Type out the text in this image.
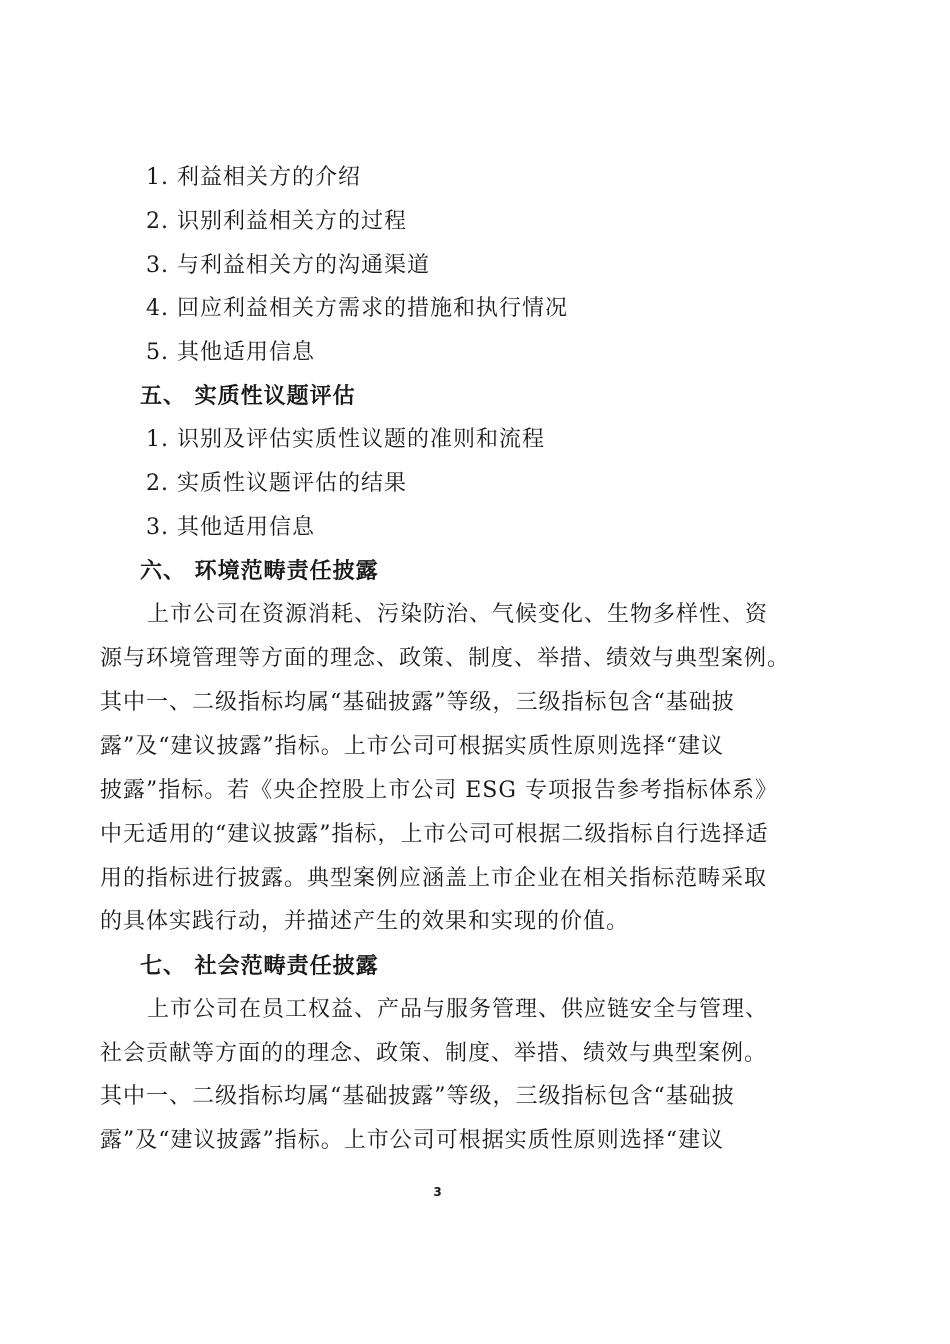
1. 利益相关方的介绍
2. 识别利益相关方的过程
3. 与利益相关方的沟通渠道
4. 回应利益相关方需求的措施和执行情况
5. 其他适用信息
五、 实质性议题评估
1. 识别及评估实质性议题的准则和流程
2. 实质性议题评估的结果
3. 其他适用信息
六、 环境范畴责任披露
上市公司在资源消耗、污染防治、气候变化、生物多样性、资
源与环境管理等方面的理念、政策、制度、举措、绩效与典型案例。
其中一、二级指标均属“基础披露”等级，三级指标包含“基础披
露”及“建议披露”指标。上市公司可根据实质性原则选择“建议
披露”指标。若《央企控股上市公司 ESG 专项报告参考指标体系》
中无适用的“建议披露”指标，上市公司可根据二级指标自行选择适
用的指标进行披露。典型案例应涵盖上市企业在相关指标范畴采取
的具体实践行动，并描述产生的效果和实现的价值。
七、 社会范畴责任披露
上市公司在员工权益、产品与服务管理、供应链安全与管理、
社会贡献等方面的的理念、政策、制度、举措、绩效与典型案例。
其中一、二级指标均属“基础披露”等级，三级指标包含“基础披
露”及“建议披露”指标。上市公司可根据实质性原则选择“建议
3
